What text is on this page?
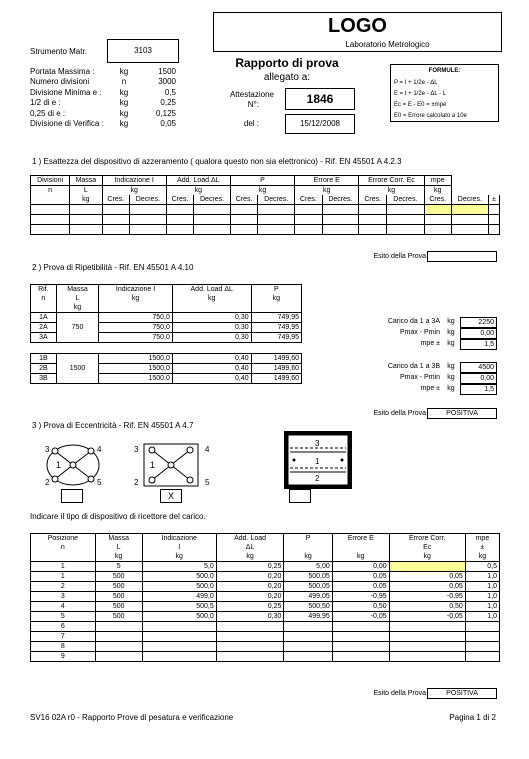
LOGO
Laboratorio Metrologico
Strumento Matr.	3103
Rapporto di prova
allegato a:
Portata Massima :	kg	1500
Numero divisioni	n	3000
Divisione Minima e :	kg	0,5
1/2 di e :	kg	0,25
0,25 di e :	kg	0,125
Divisione di Verifica :	kg	0,05
Attestazione
N°:	1846
del :	15/12/2008
FORMULE:
P = I + 1/2e - ΔL
E = I + 1/2e - ΔL - L
Ec = E - E0 = ±mpe
E0 = Errore calcolato a 10e
1 ) Esattezza del dispositivo di azzeramento ( qualora questo non sia elettronico) - Rif. EN 45501 A 4.2.3
Divisioni	Massa	Indicazione I		Add. Load ΔL		P		Errore E		Errore Corr. Ec		mpe		
n	L	kg		kg		kg		kg		kg		kg		
	kg	Cres.	Decres.	Cres.	Decres.	Cres.	Decres.	Cres.	Decres.	Cres.	Decres.	Cres.	Decres.	±

Esito della Prova
2 ) Prova di Ripetibilità - Rif. EN 45501 A 4.10
Rif.	Massa	Indicazione I	Add. Load ΔL	P
n	L	kg	kg	kg
	kg			
1A	750	750,0	0,30	749,95
2A		750,0	0,30	749,95
3A		750,0	0,30	749,95

1B	1500	1500,0	0,40	1499,60
2B		1500,0	0,40	1499,60
3B		1500,0	0,40	1499,60
Carico da 1 a 3A	kg	2250
Pmax - Pmin	kg	0,00
mpe ±	kg	1,5
Carico da 1 a 3B	kg	4500
Pmax - Pmin	kg	0,00
mpe ±	kg	1,5
Esito della Prova	POSITIVA
3 ) Prova di Eccentricità - Rif. EN 45501 A 4.7
3	4
1
2	5
3	4
1
2	5
3
1
2
X
Indicare il tipo di dispositivo di ricettore del carico.
Posizione	Massa	Indicazione	Add. Load	P	Errore E	Errore Corr.	mpe
n	L	I	ΔL			Ec	±
	kg	kg	kg	kg	kg	kg	kg
1	5	5,0	0,25	5,00	0,00		0,5
1	500	500,0	0,20	500,05	0,05	0,05	1,0
2	500	500,0	0,20	500,05	0,05	0,05	1,0
3	500	499,0	0,20	499,05	-0,95	-0,95	1,0
4	500	500,5	0,25	500,50	0,50	0,50	1,0
5	500	500,0	0,30	499,95	-0,05	-0,05	1,0
6							
7							
8							
9							
Esito della Prova	POSITIVA
SV16 02A r0 - Rapporto Prove di pesatura e verificazione	Pagina 1 di 2
